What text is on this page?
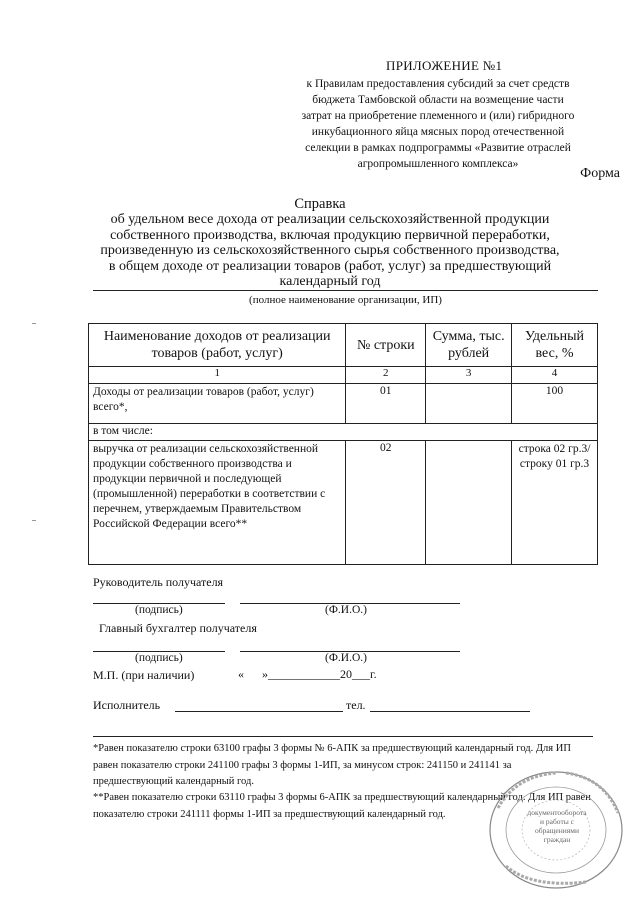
ПРИЛОЖЕНИЕ №1
к Правилам предоставления субсидий за счет средств
бюджета Тамбовской области на возмещение части
затрат на приобретение племенного и (или) гибридного
инкубационного яйца мясных пород отечественной
селекции в рамках подпрограммы «Развитие отраслей
агропромышленного комплекса»
Форма
Справка
об удельном весе дохода от реализации сельскохозяйственной продукции
собственного производства, включая продукцию первичной переработки,
произведенную из сельскохозяйственного сырья собственного производства,
в общем доходе от реализации товаров (работ, услуг) за предшествующий
календарный год
(полное наименование организации, ИП)
Наименование доходов от реализации товаров (работ, услуг)	№ строки	Сумма, тыс. рублей	Удельный вес, %
1	2	3	4
Доходы от реализации товаров (работ, услуг) всего*,	01		100
в том числе:			
выручка от реализации сельскохозяйственной продукции собственного производства и продукции первичной и последующей (промышленной) переработки в соответствии с перечнем, утверждаемым Правительством Российской Федерации всего**	02		строка 02 гр.3/ строку 01 гр.3
Руководитель получателя
(подпись)	(Ф.И.О.)
Главный бухгалтер получателя
(подпись)	(Ф.И.О.)
М.П. (при наличии)	«      »____________20___г.
Исполнитель	тел.
*Равен показателю строки 63100 графы 3 формы № 6-АПК за предшествующий календарный год. Для ИП равен показателю строки 241100 графы 3 формы 1-ИП, за минусом строк: 241150 и 241141 за предшествующий календарный год.
**Равен показателю строки 63110 графы 3 формы 6-АПК за предшествующий календарный год. Для ИП равен показателю строки 241111 формы 1-ИП за предшествующий календарный год.	документооборота и работы с обращениями граждан
